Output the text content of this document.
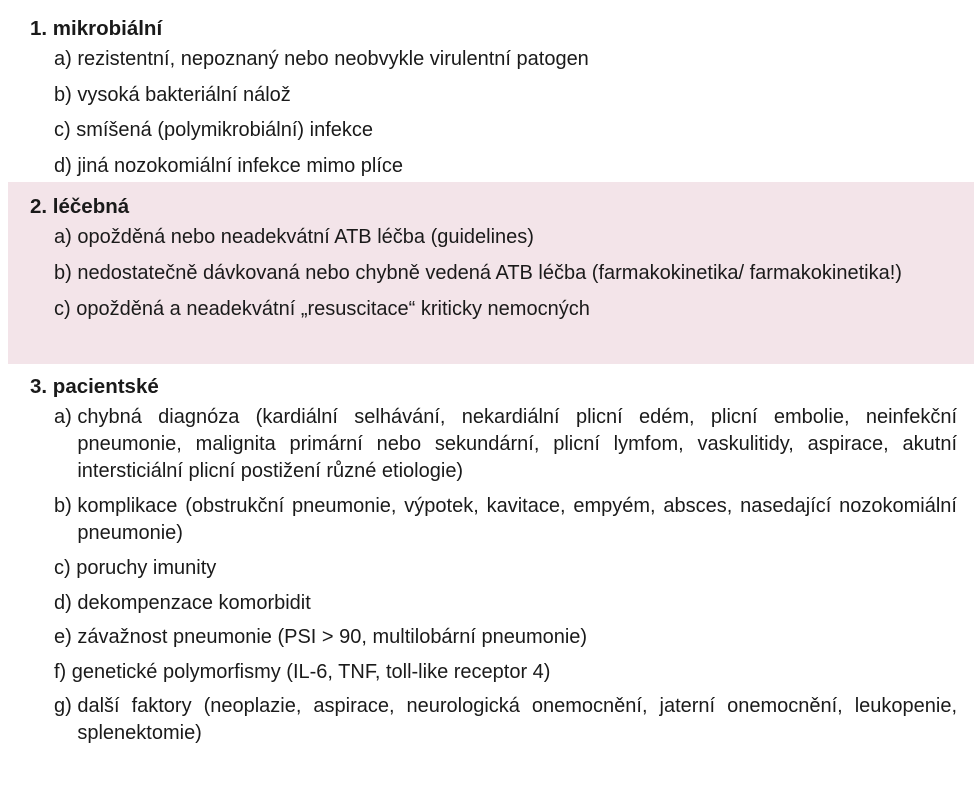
1. mikrobiální
a) rezistentní, nepoznaný nebo neobvykle virulentní patogen
b) vysoká bakteriální nálož
c) smíšená (polymikrobiální) infekce
d) jiná nozokomiální infekce mimo plíce
2. léčebná
a) opožděná nebo neadekvátní ATB léčba (guidelines)
b) nedostatečně dávkovaná nebo chybně vedená ATB léčba (farmakokinetika/ farmakokinetika!)
c) opožděná a neadekvátní „resuscitace“ kriticky nemocných
3. pacientské
a) chybná diagnóza (kardiální selhávání, nekardiální plicní edém, plicní embolie, neinfekční pneumonie, malignita primární nebo sekundární, plicní lymfom, vaskulitidy, aspirace, akutní intersticiální plicní postižení různé etiologie)
b) komplikace (obstrukční pneumonie, výpotek, kavitace, empyém, absces, nasedající nozokomiální pneumonie)
c) poruchy imunity
d) dekompenzace komorbidit
e) závažnost pneumonie (PSI > 90, multilobární pneumonie)
f) genetické polymorfismy (IL-6, TNF, toll-like receptor 4)
g) další faktory (neoplazie, aspirace, neurologická onemocnění, jaterní onemocnění, leukopenie, splenektomie)
